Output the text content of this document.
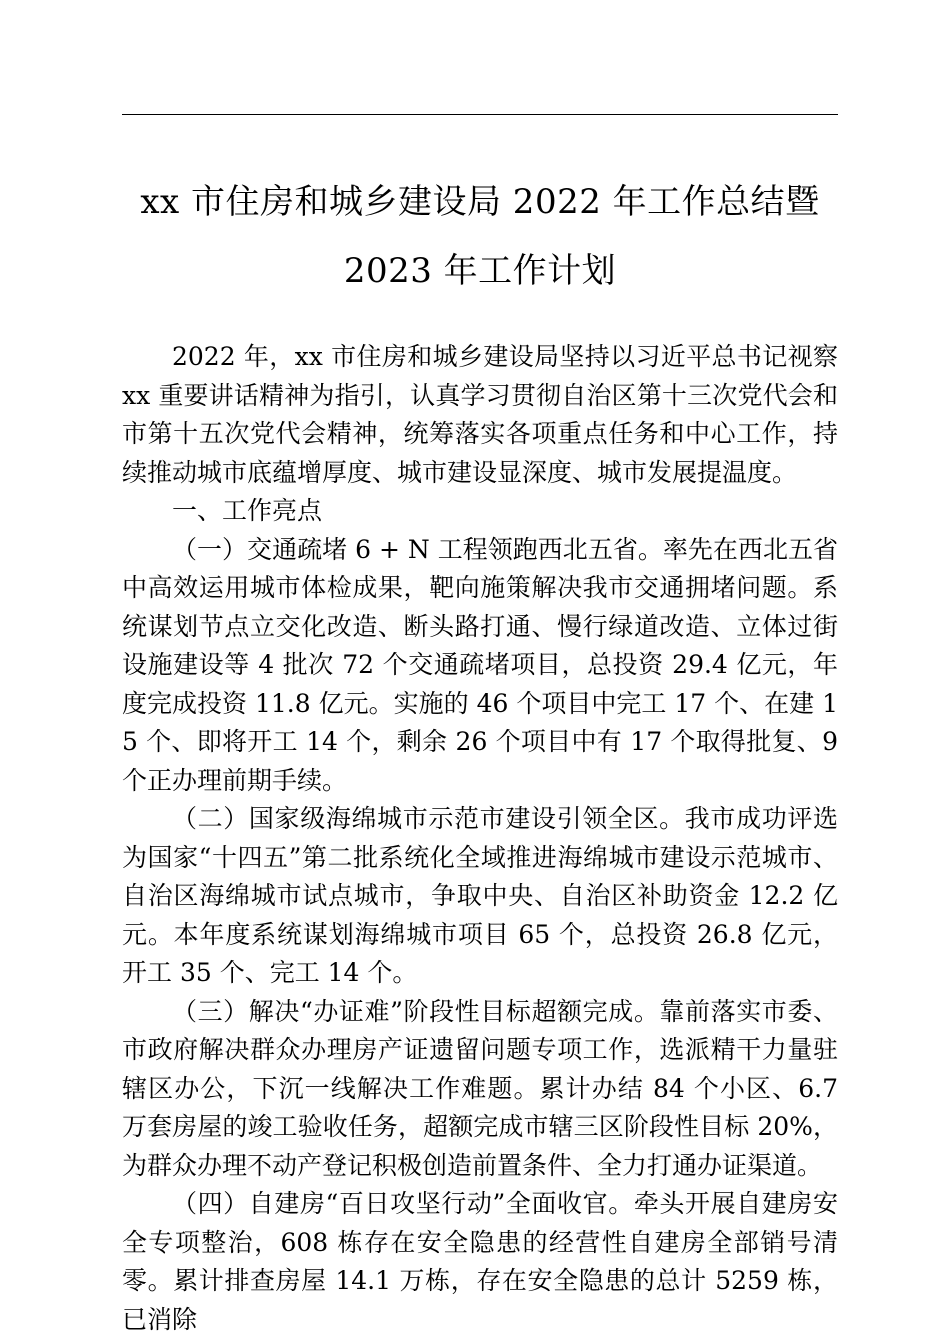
xx 市住房和城乡建设局 2022 年工作总结暨
2023 年工作计划

2022 年，xx 市住房和城乡建设局坚持以习近平总书记视察 xx 重要讲话精神为指引，认真学习贯彻自治区第十三次党代会和市第十五次党代会精神，统筹落实各项重点任务和中心工作，持续推动城市底蕴增厚度、城市建设显深度、城市发展提温度。

一、工作亮点

（一）交通疏堵 6 + N 工程领跑西北五省。率先在西北五省中高效运用城市体检成果，靶向施策解决我市交通拥堵问题。系统谋划节点立交化改造、断头路打通、慢行绿道改造、立体过街设施建设等 4 批次 72 个交通疏堵项目，总投资 29.4 亿元，年度完成投资 11.8 亿元。实施的 46 个项目中完工 17 个、在建 15 个、即将开工 14 个，剩余 26 个项目中有 17 个取得批复、9 个正办理前期手续。

（二）国家级海绵城市示范市建设引领全区。我市成功评选为国家“十四五”第二批系统化全域推进海绵城市建设示范城市、自治区海绵城市试点城市，争取中央、自治区补助资金 12.2 亿元。本年度系统谋划海绵城市项目 65 个，总投资 26.8 亿元，开工 35 个、完工 14 个。

（三）解决“办证难”阶段性目标超额完成。靠前落实市委、市政府解决群众办理房产证遗留问题专项工作，选派精干力量驻辖区办公，下沉一线解决工作难题。累计办结 84 个小区、6.7 万套房屋的竣工验收任务，超额完成市辖三区阶段性目标 20%，为群众办理不动产登记积极创造前置条件、全力打通办证渠道。

（四）自建房“百日攻坚行动”全面收官。牵头开展自建房安全专项整治，608 栋存在安全隐患的经营性自建房全部销号清零。累计排查房屋 14.1 万栋，存在安全隐患的总计 5259 栋，已消除
